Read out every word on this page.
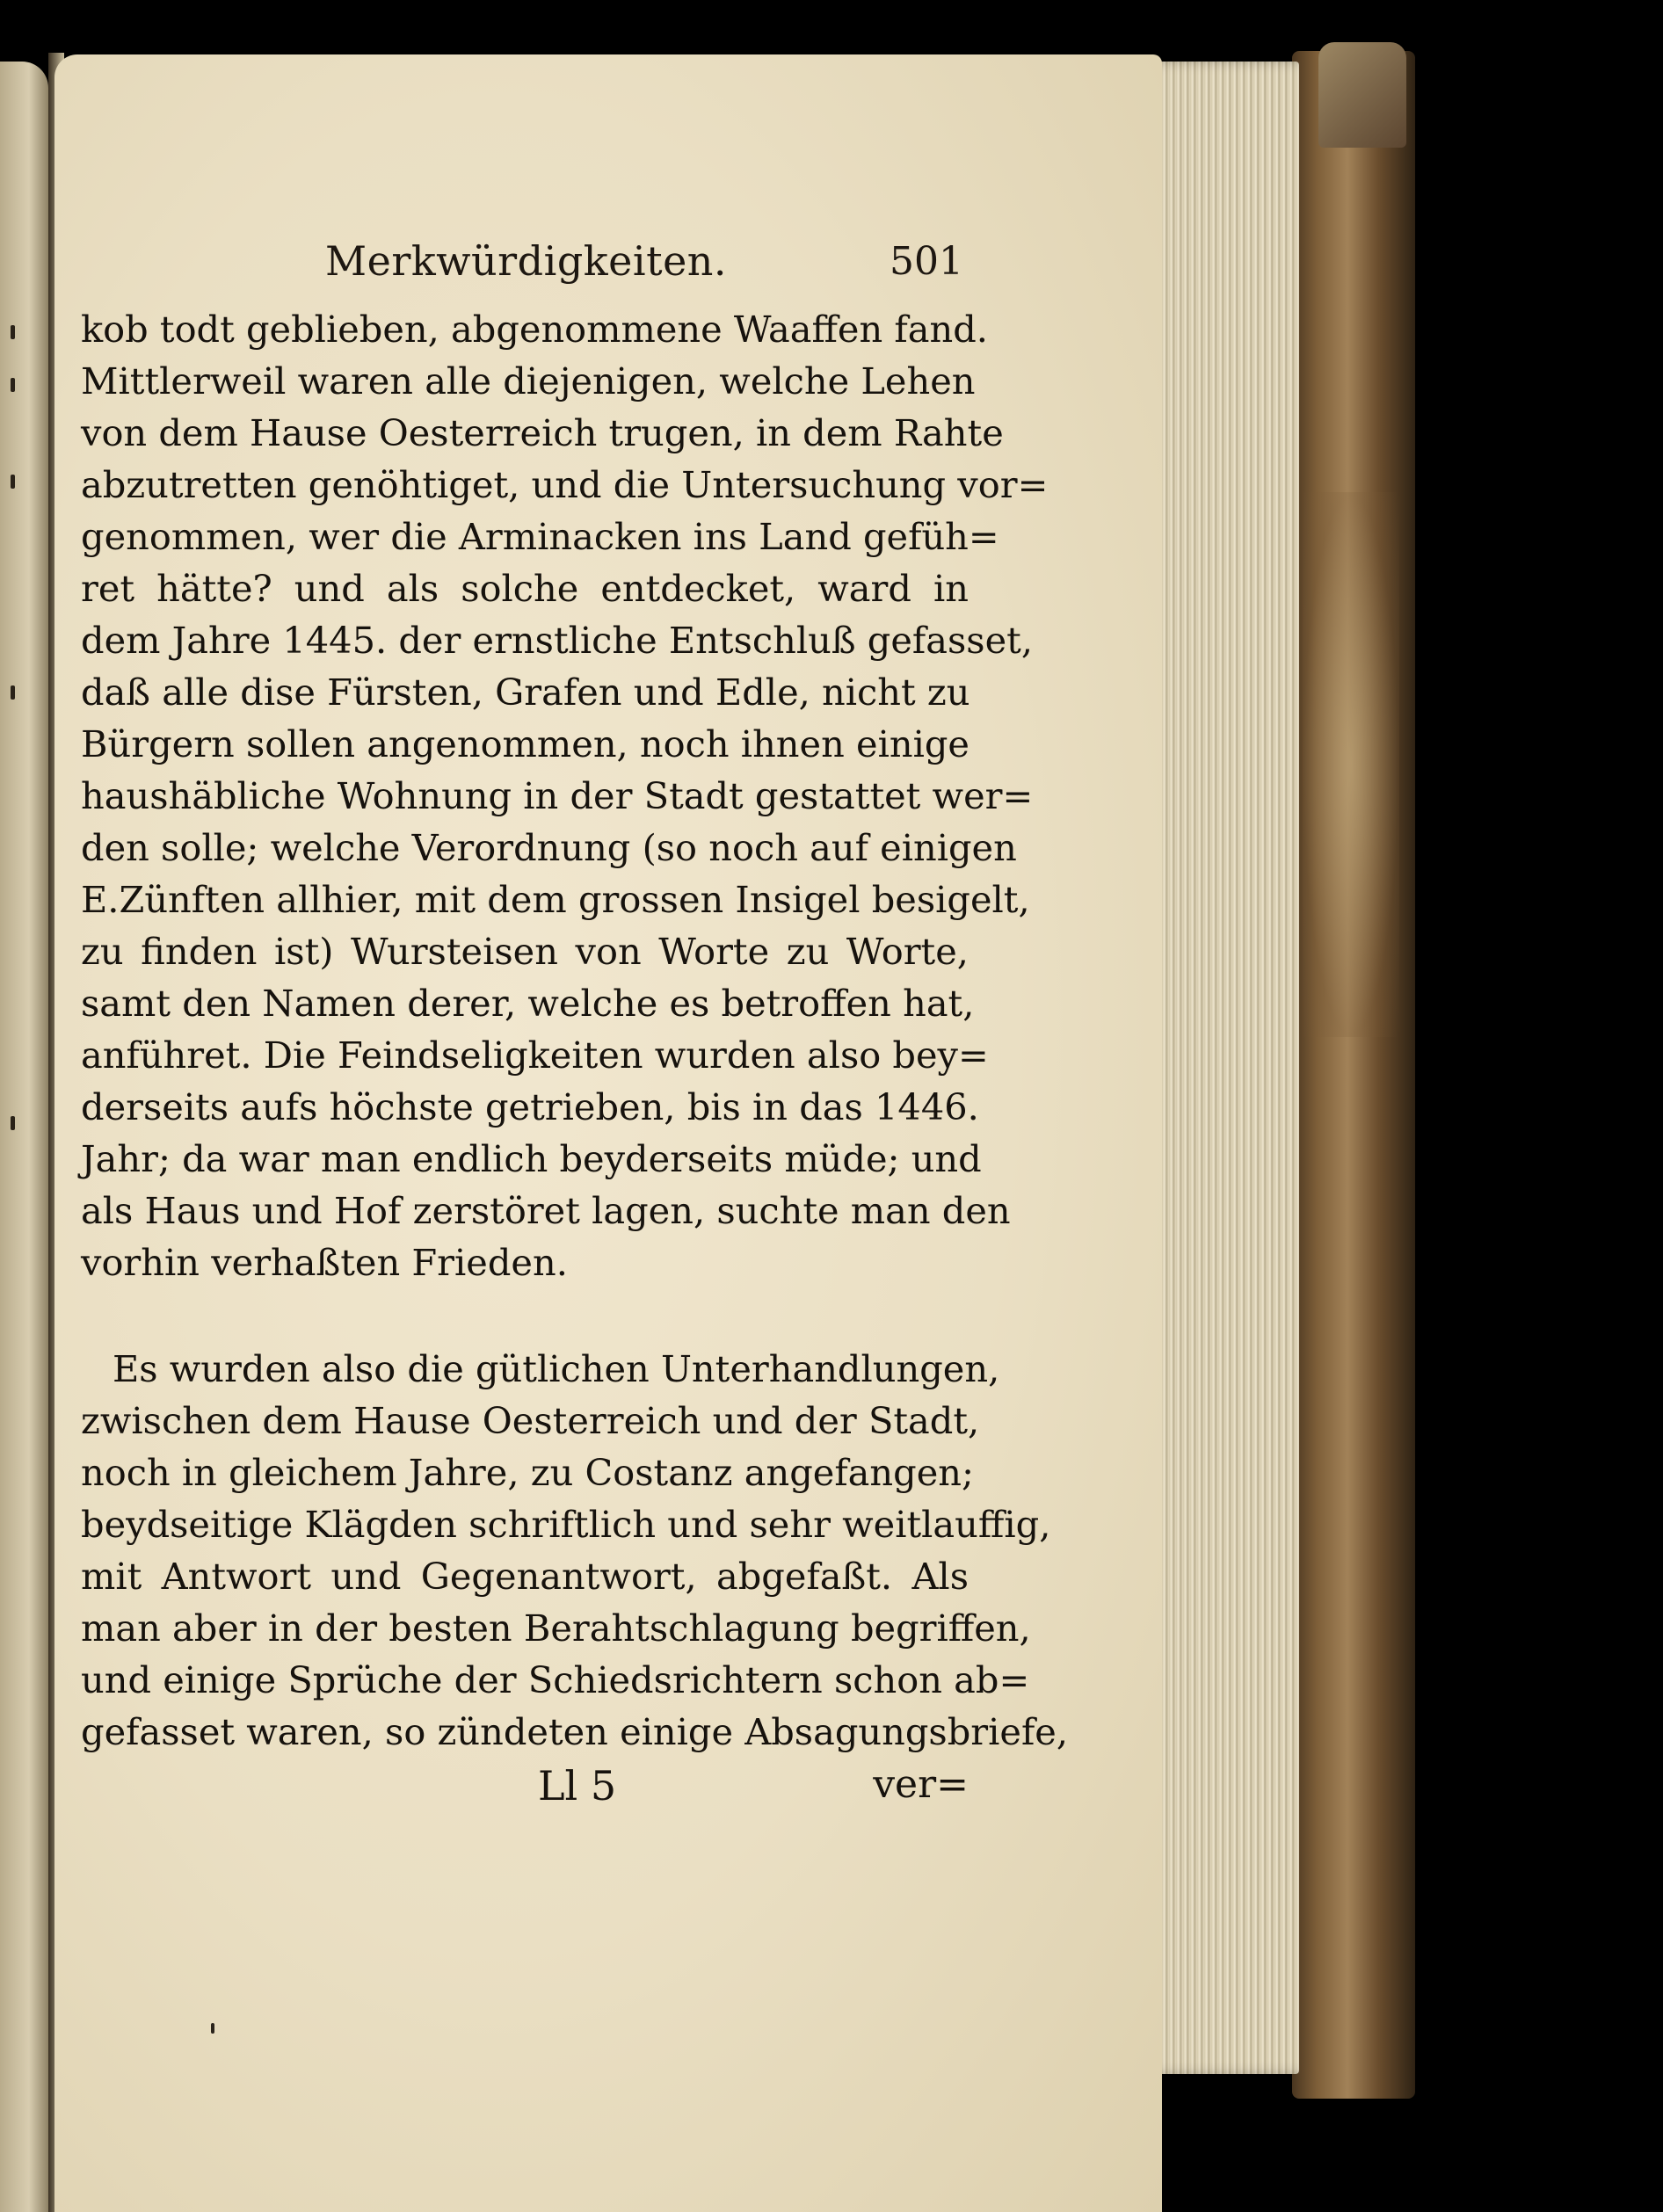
Merkwürdigkeiten.	501
kob todt geblieben, abgenommene Waaffen fand.
Mittlerweil waren alle diejenigen, welche Lehen
von dem Hause Oesterreich trugen, in dem Rahte
abzutretten genöhtiget, und die Untersuchung vor=
genommen, wer die Arminacken ins Land gefüh=
ret hätte? und als solche entdecket, ward in
dem Jahre 1445. der ernstliche Entschluß gefasset,
daß alle dise Fürsten, Grafen und Edle, nicht zu
Bürgern sollen angenommen, noch ihnen einige
haushäbliche Wohnung in der Stadt gestattet wer=
den solle; welche Verordnung (so noch auf einigen
E.Zünften allhier, mit dem grossen Insigel besigelt,
zu finden ist) Wursteisen von Worte zu Worte,
samt den Namen derer, welche es betroffen hat,
anführet. Die Feindseligkeiten wurden also bey=
derseits aufs höchste getrieben, bis in das 1446.
Jahr; da war man endlich beyderseits müde; und
als Haus und Hof zerstöret lagen, suchte man den
vorhin verhaßten Frieden.
Es wurden also die gütlichen Unterhandlungen,
zwischen dem Hause Oesterreich und der Stadt,
noch in gleichem Jahre, zu Costanz angefangen;
beydseitige Klägden schriftlich und sehr weitlauffig,
mit Antwort und Gegenantwort, abgefaßt. Als
man aber in der besten Berahtschlagung begriffen,
und einige Sprüche der Schiedsrichtern schon ab=
gefasset waren, so zündeten einige Absagungsbriefe,
Ll 5	ver=
